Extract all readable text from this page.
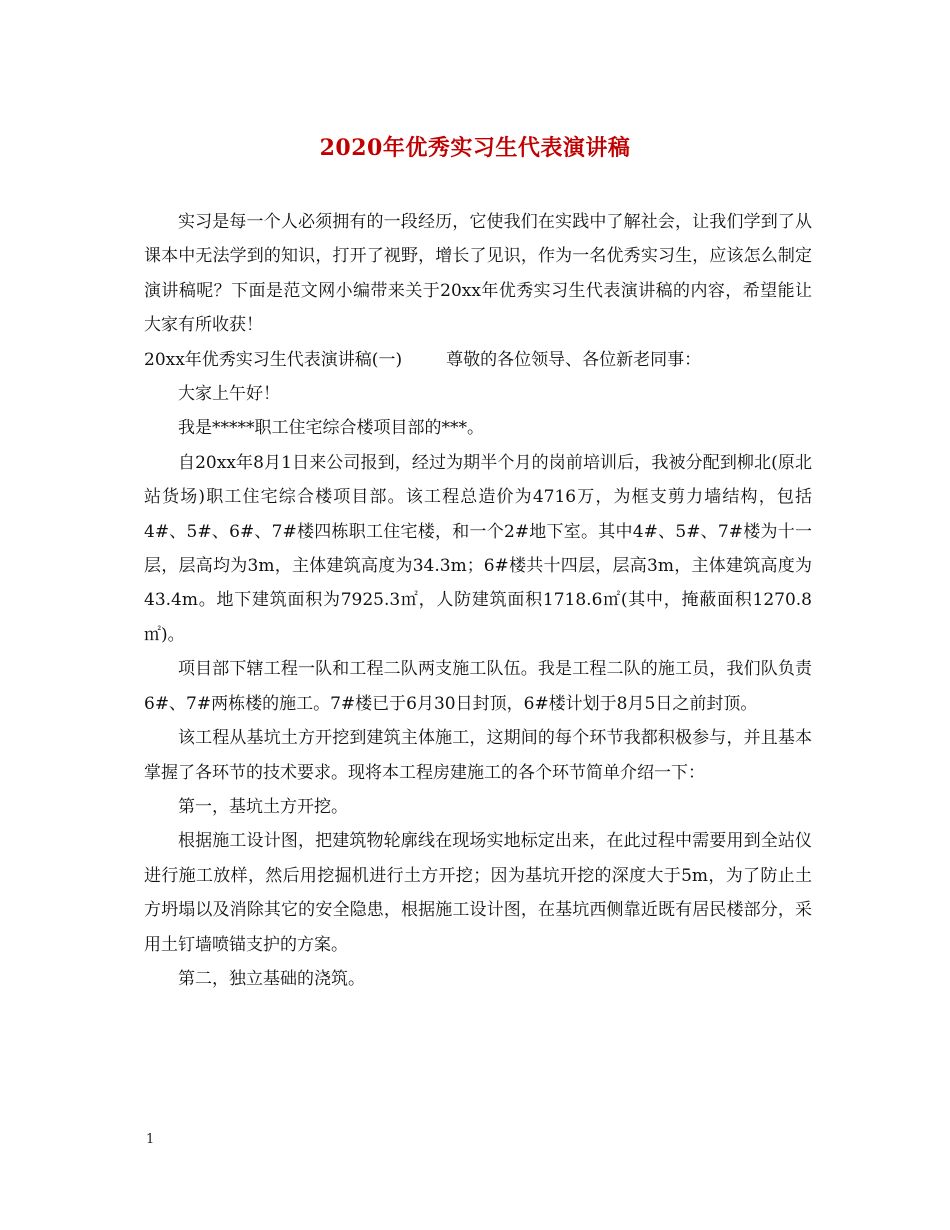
2020年优秀实习生代表演讲稿

实习是每一个人必须拥有的一段经历，它使我们在实践中了解社会，让我们学到了从课本中无法学到的知识，打开了视野，增长了见识，作为一名优秀实习生，应该怎么制定演讲稿呢？下面是范文网小编带来关于20xx年优秀实习生代表演讲稿的内容，希望能让大家有所收获！

20xx年优秀实习生代表演讲稿(一)	尊敬的各位领导、各位新老同事：

大家上午好！

我是*****职工住宅综合楼项目部的***。

自20xx年8月1日来公司报到，经过为期半个月的岗前培训后，我被分配到柳北(原北站货场)职工住宅综合楼项目部。该工程总造价为4716万，为框支剪力墙结构，包括4#、5#、6#、7#楼四栋职工住宅楼，和一个2#地下室。其中4#、5#、7#楼为十一层，层高均为3m，主体建筑高度为34.3m；6#楼共十四层，层高3m，主体建筑高度为43.4m。地下建筑面积为7925.3㎡，人防建筑面积1718.6㎡(其中，掩蔽面积1270.8㎡)。

项目部下辖工程一队和工程二队两支施工队伍。我是工程二队的施工员，我们队负责6#、7#两栋楼的施工。7#楼已于6月30日封顶，6#楼计划于8月5日之前封顶。

该工程从基坑土方开挖到建筑主体施工，这期间的每个环节我都积极参与，并且基本掌握了各环节的技术要求。现将本工程房建施工的各个环节简单介绍一下：

第一，基坑土方开挖。

根据施工设计图，把建筑物轮廓线在现场实地标定出来，在此过程中需要用到全站仪进行施工放样，然后用挖掘机进行土方开挖；因为基坑开挖的深度大于5m，为了防止土方坍塌以及消除其它的安全隐患，根据施工设计图，在基坑西侧靠近既有居民楼部分，采用土钉墙喷锚支护的方案。

第二，独立基础的浇筑。

1
